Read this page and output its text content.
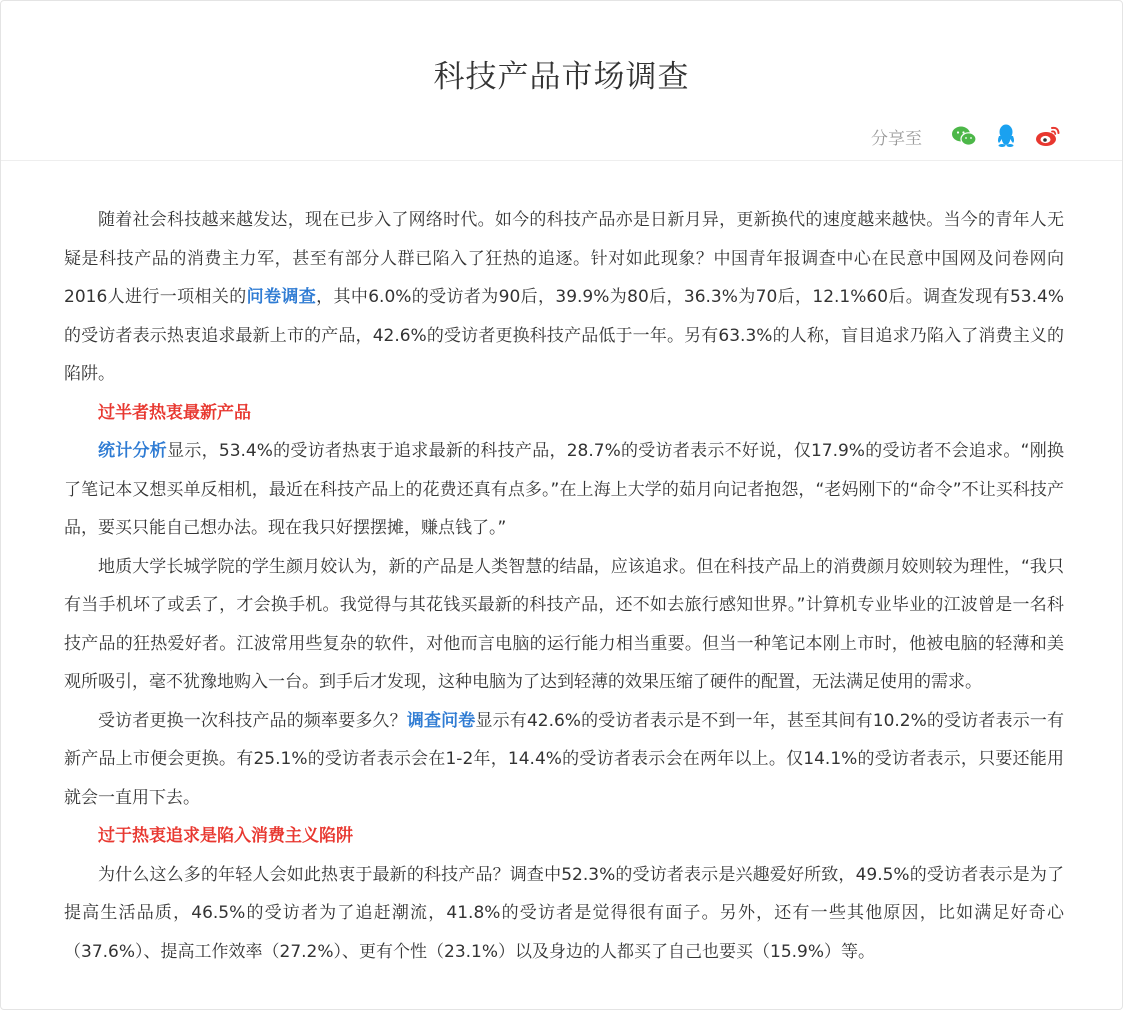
科技产品市场调查
分享至

随着社会科技越来越发达，现在已步入了网络时代。如今的科技产品亦是日新月异，更新换代的速度越来越快。当今的青年人无疑是科技产品的消费主力军，甚至有部分人群已陷入了狂热的追逐。针对如此现象？中国青年报调查中心在民意中国网及问卷网向2016人进行一项相关的问卷调查，其中6.0%的受访者为90后，39.9%为80后，36.3%为70后，12.1%60后。调查发现有53.4%的受访者表示热衷追求最新上市的产品，42.6%的受访者更换科技产品低于一年。另有63.3%的人称，盲目追求乃陷入了消费主义的陷阱。

过半者热衷最新产品

统计分析显示，53.4%的受访者热衷于追求最新的科技产品，28.7%的受访者表示不好说，仅17.9%的受访者不会追求。“刚换了笔记本又想买单反相机，最近在科技产品上的花费还真有点多。”在上海上大学的茹月向记者抱怨，“老妈刚下的“命令”不让买科技产品，要买只能自己想办法。现在我只好摆摆摊，赚点钱了。”

地质大学长城学院的学生颜月姣认为，新的产品是人类智慧的结晶，应该追求。但在科技产品上的消费颜月姣则较为理性，“我只有当手机坏了或丢了，才会换手机。我觉得与其花钱买最新的科技产品，还不如去旅行感知世界。”计算机专业毕业的江波曾是一名科技产品的狂热爱好者。江波常用些复杂的软件，对他而言电脑的运行能力相当重要。但当一种笔记本刚上市时，他被电脑的轻薄和美观所吸引，毫不犹豫地购入一台。到手后才发现，这种电脑为了达到轻薄的效果压缩了硬件的配置，无法满足使用的需求。

受访者更换一次科技产品的频率要多久？调查问卷显示有42.6%的受访者表示是不到一年，甚至其间有10.2%的受访者表示一有新产品上市便会更换。有25.1%的受访者表示会在1-2年，14.4%的受访者表示会在两年以上。仅14.1%的受访者表示，只要还能用就会一直用下去。

过于热衷追求是陷入消费主义陷阱

为什么这么多的年轻人会如此热衷于最新的科技产品？调查中52.3%的受访者表示是兴趣爱好所致，49.5%的受访者表示是为了提高生活品质，46.5%的受访者为了追赶潮流，41.8%的受访者是觉得很有面子。另外，还有一些其他原因，比如满足好奇心（37.6%）、提高工作效率（27.2%）、更有个性（23.1%）以及身边的人都买了自己也要买（15.9%）等。
